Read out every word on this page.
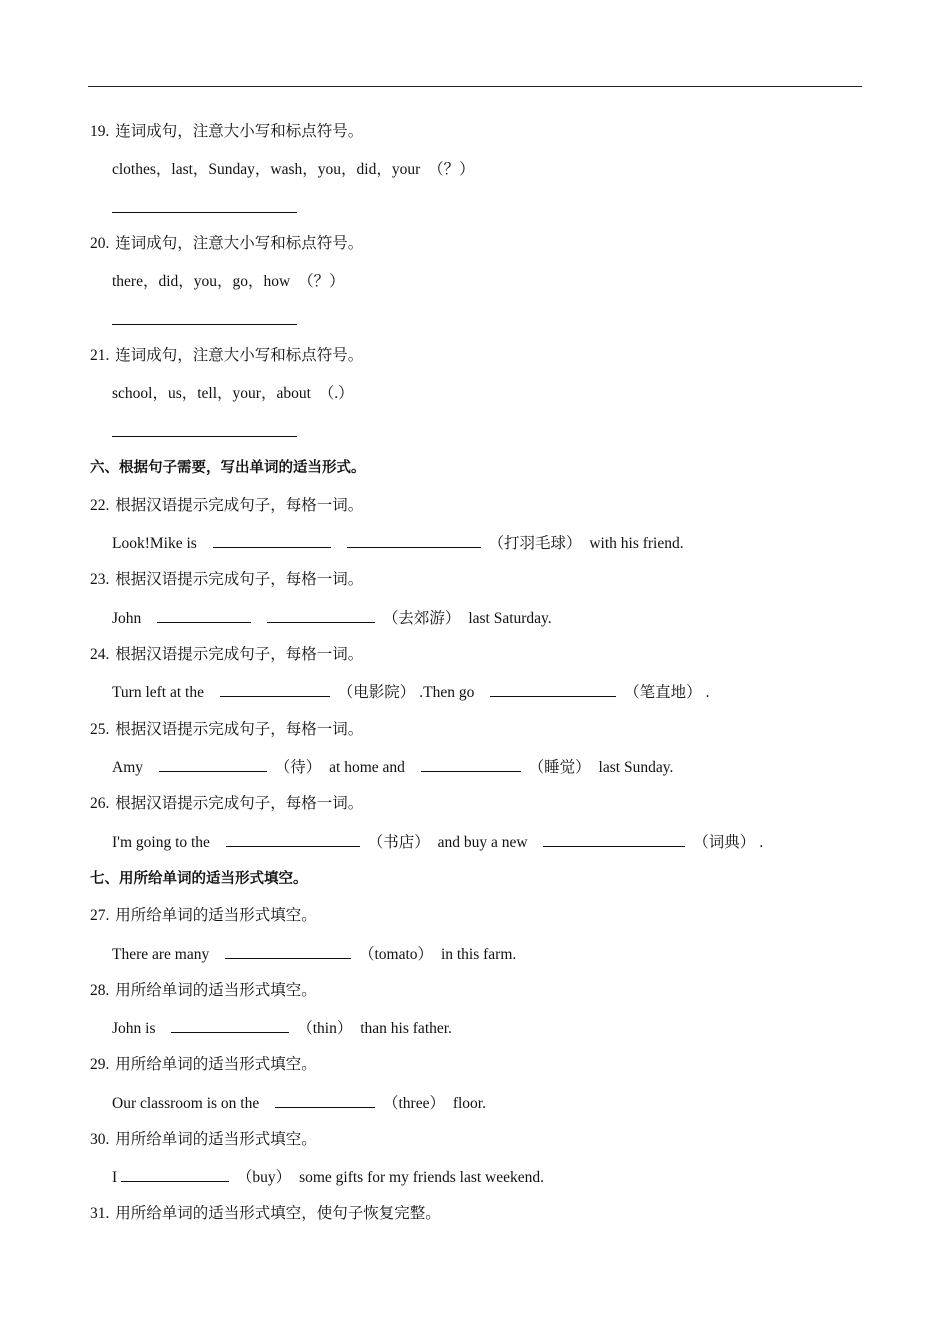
19. 连词成句，注意大小写和标点符号。
clothes，last，Sunday，wash，you，did，your （？）
20. 连词成句，注意大小写和标点符号。
there，did，you，go，how （？）
21. 连词成句，注意大小写和标点符号。
school，us，tell，your，about （.）
六、根据句子需要，写出单词的适当形式。
22. 根据汉语提示完成句子，每格一词。
Look!Mike is	（打羽毛球） with his friend.
23. 根据汉语提示完成句子，每格一词。
John	（去郊游） last Saturday.
24. 根据汉语提示完成句子，每格一词。
Turn left at the	（电影院） .Then go	（笔直地） .
25. 根据汉语提示完成句子，每格一词。
Amy	（待） at home and	（睡觉） last Sunday.
26. 根据汉语提示完成句子，每格一词。
I'm going to the	（书店） and buy a new	（词典） .
七、用所给单词的适当形式填空。
27. 用所给单词的适当形式填空。
There are many	（tomato） in this farm.
28. 用所给单词的适当形式填空。
John is	（thin） than his father.
29. 用所给单词的适当形式填空。
Our classroom is on the	（three） floor.
30. 用所给单词的适当形式填空。
I	（buy） some gifts for my friends last weekend.
31. 用所给单词的适当形式填空，使句子恢复完整。
